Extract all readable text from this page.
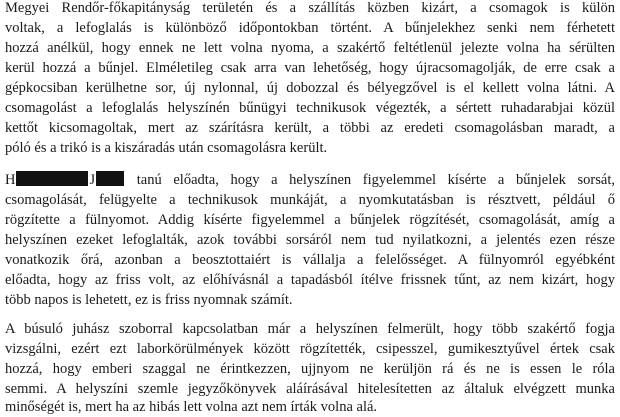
Megyei Rendőr-főkapitányság területén és a szállítás közben kizárt, a csomagok is külön
voltak, a lefoglalás is különböző időpontokban történt. A bűnjelekhez senki nem férhetett
hozzá anélkül, hogy ennek ne lett volna nyoma, a szakértő feltétlenül jelezte volna ha sérülten
kerül hozzá a bűnjel. Elméletileg csak arra van lehetőség, hogy újracsomagolják, de erre csak a
gépkocsiban kerülhetne sor, új nylonnal, új dobozzal és bélyegzővel is el kellett volna látni. A
csomagolást a lefoglalás helyszínén bűnügyi technikusok végezték, a sértett ruhadarabjai közül
kettőt kicsomagoltak, mert az szárításra került, a többi az eredeti csomagolásban maradt, a
póló és a trikó is a kiszáradás után csomagolásra került.
H	J	tanú előadta, hogy a helyszínen figyelemmel kísérte a bűnjelek sorsát,
csomagolását, felügyelte a technikusok munkáját, a nyomkutatásban is résztvett, például ő
rögzítette a fülnyomot. Addig kísérte figyelemmel a bűnjelek rögzítését, csomagolását, amíg a
helyszínen ezeket lefoglalták, azok további sorsáról nem tud nyilatkozni, a jelentés ezen része
vonatkozik őrá, azonban a beosztottaiért is vállalja a felelősséget. A fülnyomról egyébként
előadta, hogy az friss volt, az előhívásnál a tapadásból ítélve frissnek tűnt, az nem kizárt, hogy
több napos is lehetett, ez is friss nyomnak számít.
A búsuló juhász szoborral kapcsolatban már a helyszínen felmerült, hogy több szakértő fogja
vizsgálni, ezért ezt laborkörülmények között rögzítették, csipesszel, gumikesztyűvel értek csak
hozzá, hogy emberi szaggal ne érintkezzen, ujjnyom ne kerüljön rá és ne is essen le róla
semmi. A helyszíni szemle jegyzőkönyvek aláírásával hitelesítetten az általuk elvégzett munka
minőségét is, mert ha az hibás lett volna azt nem írták volna alá.
